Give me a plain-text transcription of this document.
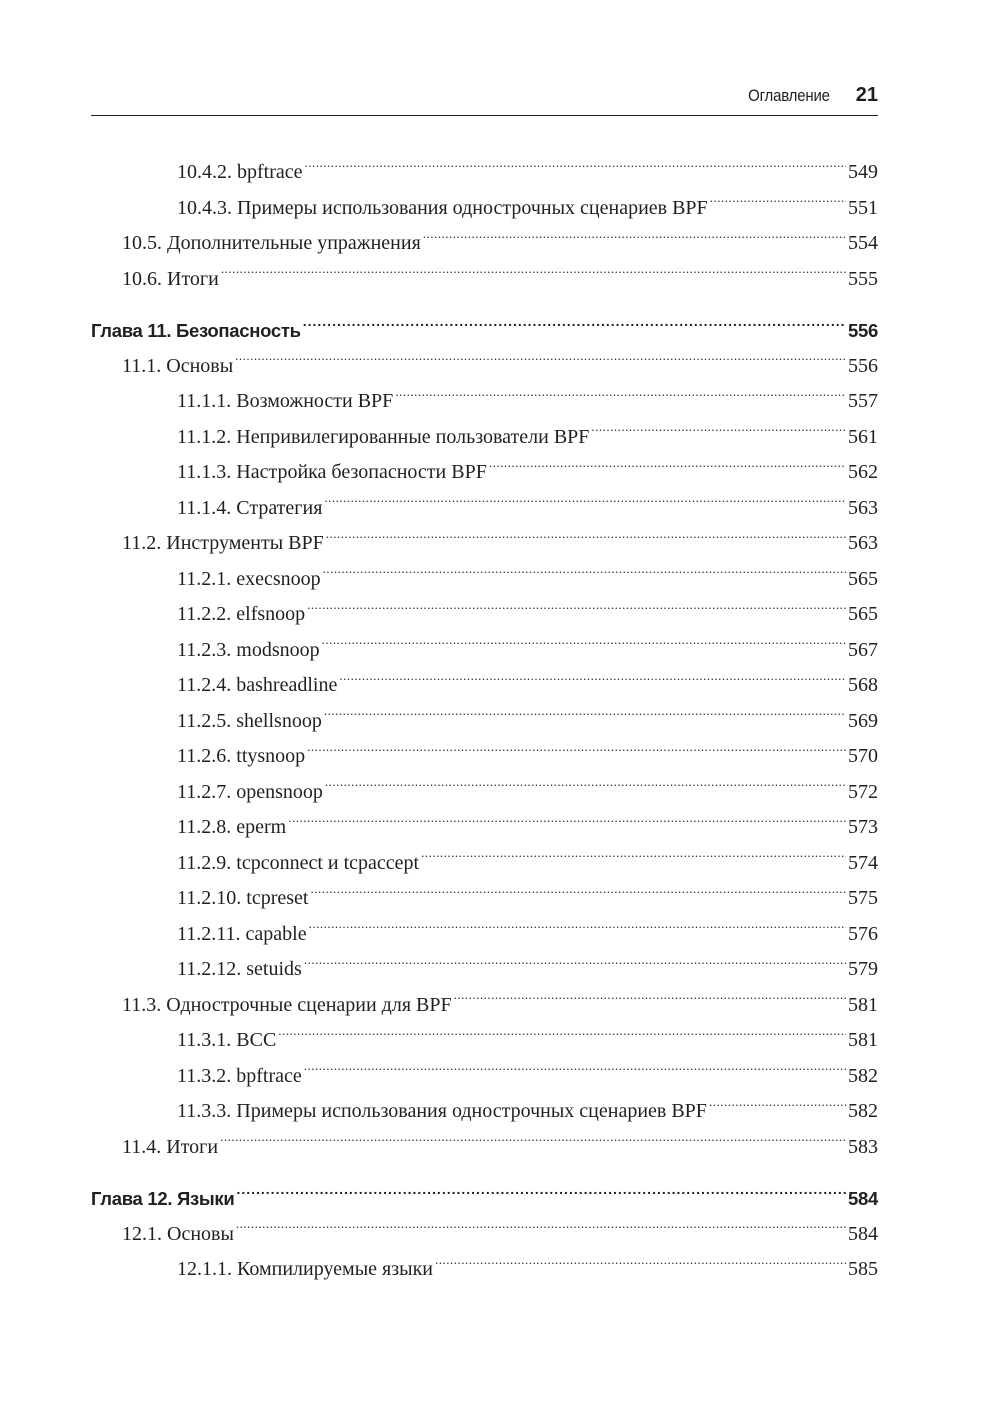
Оглавление 21
10.4.2. bpftrace .....	549
10.4.3. Примеры использования однострочных сценариев BPF .....	551
10.5. Дополнительные упражнения .....	554
10.6. Итоги .....	555
Глава 11. Безопасность .....	556
11.1. Основы .....	556
11.1.1. Возможности BPF .....	557
11.1.2. Непривилегированные пользователи BPF .....	561
11.1.3. Настройка безопасности BPF .....	562
11.1.4. Стратегия .....	563
11.2. Инструменты BPF .....	563
11.2.1. execsnoop .....	565
11.2.2. elfsnoop .....	565
11.2.3. modsnoop .....	567
11.2.4. bashreadline .....	568
11.2.5. shellsnoop .....	569
11.2.6. ttysnoop .....	570
11.2.7. opensnoop .....	572
11.2.8. eperm .....	573
11.2.9. tcpconnect и tcpaccept .....	574
11.2.10. tcpreset .....	575
11.2.11. capable .....	576
11.2.12. setuids .....	579
11.3. Однострочные сценарии для BPF .....	581
11.3.1. BCC .....	581
11.3.2. bpftrace .....	582
11.3.3. Примеры использования однострочных сценариев BPF .....	582
11.4. Итоги .....	583
Глава 12. Языки .....	584
12.1. Основы .....	584
12.1.1. Компилируемые языки .....	585
